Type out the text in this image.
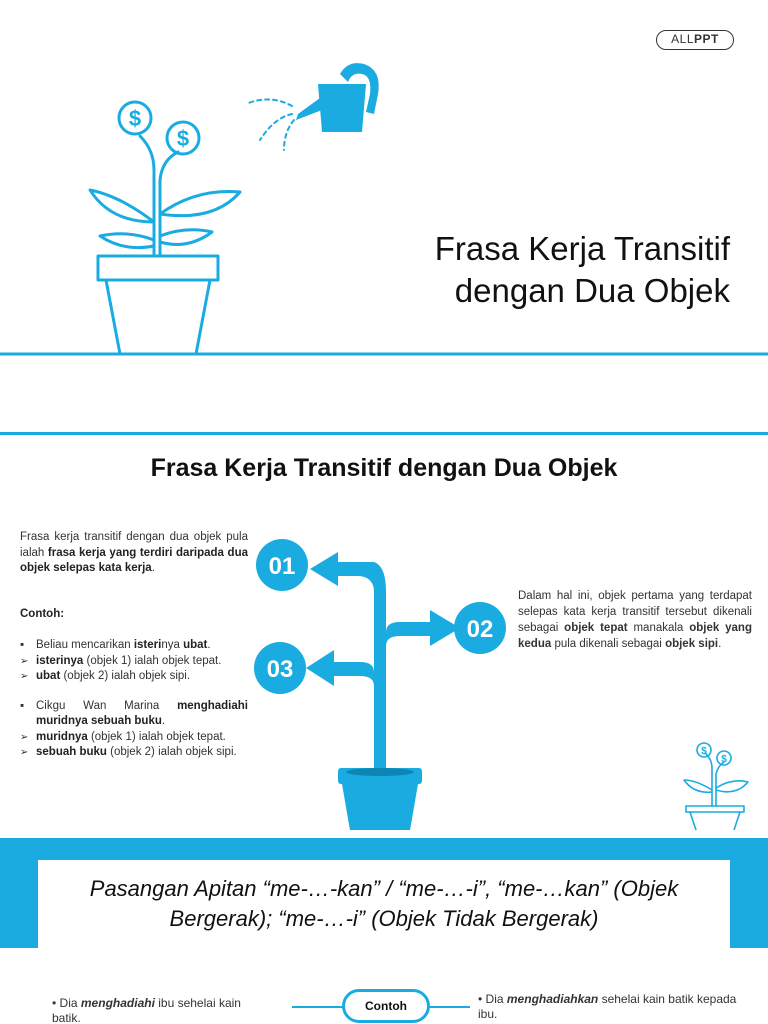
ALLPPT
$
$
Frasa Kerja Transitif
dengan Dua Objek
Frasa Kerja Transitif dengan Dua Objek

Frasa kerja transitif dengan dua objek pula ialah frasa kerja yang terdiri daripada dua objek selepas kata kerja.

Contoh:

▪ Beliau mencarikan isterinya ubat.
➢ isterinya (objek 1) ialah objek tepat.
➢ ubat (objek 2) ialah objek sipi.
▪ Cikgu Wan Marina menghadiahi muridnya sebuah buku.
➢ muridnya (objek 1) ialah objek tepat.
➢ sebuah buku (objek 2) ialah objek sipi.
01
02
03
Dalam hal ini, objek pertama yang terdapat selepas kata kerja transitif tersebut dikenali sebagai objek tepat manakala objek yang kedua pula dikenali sebagai objek sipi.
$
$
Pasangan Apitan “me-…-kan” / “me-…-i”, “me-…kan” (Objek
Bergerak); “me-…-i” (Objek Tidak Bergerak)
• Dia menghadiahi ibu sehelai kain batik.
Contoh	• Dia menghadiahkan sehelai kain batik kepada ibu.
